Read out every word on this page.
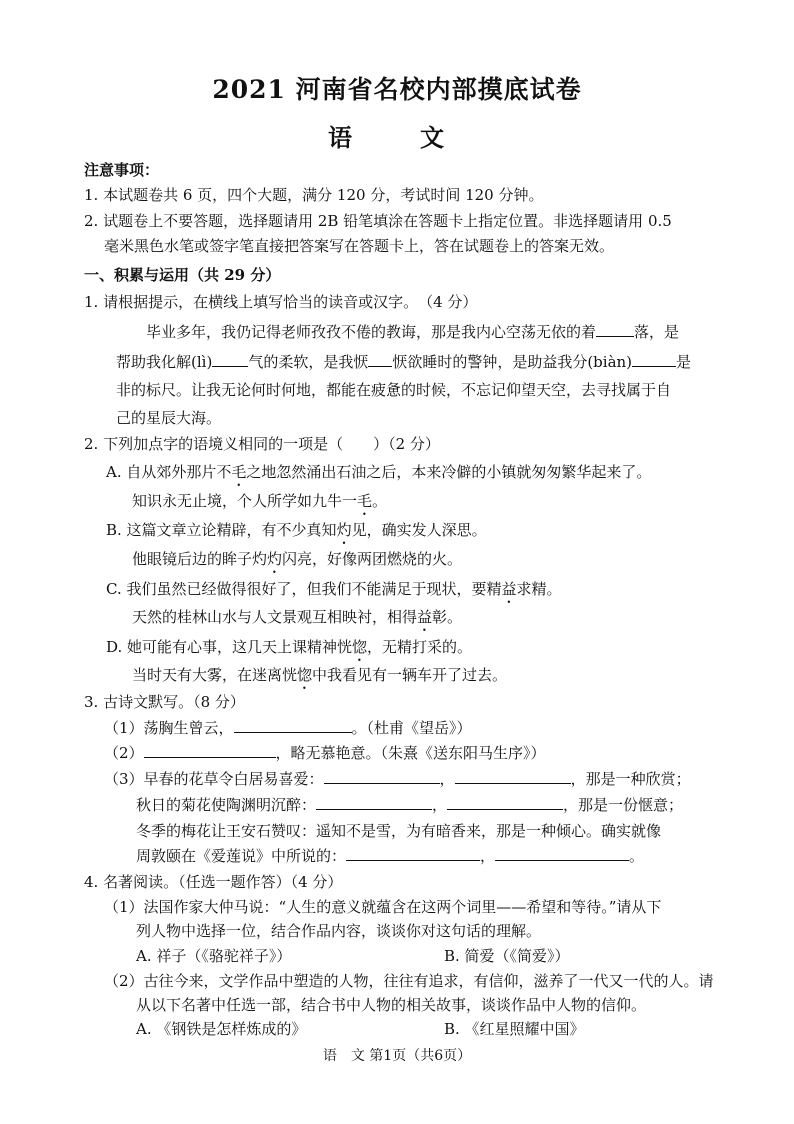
2021 河南省名校内部摸底试卷
语　文
注意事项：
1. 本试题卷共 6 页，四个大题，满分 120 分，考试时间 120 分钟。
2. 试题卷上不要答题，选择题请用 2B 铅笔填涂在答题卡上指定位置。非选择题请用 0.5
毫米黑色水笔或签字笔直接把答案写在答题卡上，答在试题卷上的答案无效。
一、积累与运用（共 29 分）
1. 请根据提示，在横线上填写恰当的读音或汉字。　（4 分）
毕业多年，我仍记得老师孜孜不倦的教诲，那是我内心空荡无依的着	落，是
帮助我化解(lì) 气的柔软，是我恹 恹欲睡时的警钟，是助益我分(biàn)	是
非的标尺。让我无论何时何地，都能在疲惫的时候，不忘记仰望天空，去寻找属于自
己的星辰大海。
2. 下列加点字的语境义相同的一项是（　　）（2 分）
A. 自从郊外那片不毛之地忽然涌出石油之后，本来冷僻的小镇就匆匆繁华起来了。
知识永无止境，个人所学如九牛一毛。
B. 这篇文章立论精辟，有不少真知灼见，确实发人深思。
他眼镜后边的眸子灼灼闪亮，好像两团燃烧的火。
C. 我们虽然已经做得很好了，但我们不能满足于现状，要精益求精。
天然的桂林山水与人文景观互相映衬，相得益彰。
D. 她可能有心事，这几天上课精神恍惚，无精打采的。
当时天有大雾，在迷离恍惚中我看见有一辆车开了过去。
3. 古诗文默写。（8 分）
（1）荡胸生曾云，	。（杜甫《望岳》）
（2）	，略无慕艳意。（朱熹《送东阳马生序》）
（3）早春的花草令白居易喜爱：	，	，那是一种欣赏；
秋日的菊花使陶渊明沉醉：	，	，那是一份惬意；
冬季的梅花让王安石赞叹：遥知不是雪，为有暗香来，那是一种倾心。确实就像
周敦颐在《爱莲说》中所说的：	，	。
4. 名著阅读。（任选一题作答）（4 分）
（1）法国作家大仲马说：“人生的意义就蕴含在这两个词里——希望和等待。”请从下
列人物中选择一位，结合作品内容，谈谈你对这句话的理解。
A. 祥子（《骆驼祥子》）	B. 简爱（《简爱》）
（2）古往今来，文学作品中塑造的人物，往往有追求，有信仰，滋养了一代又一代的人。请
从以下名著中任选一部，结合书中人物的相关故事，谈谈作品中人物的信仰。
A. 《钢铁是怎样炼成的》	B. 《红星照耀中国》
语　文 第1页（共6页）
